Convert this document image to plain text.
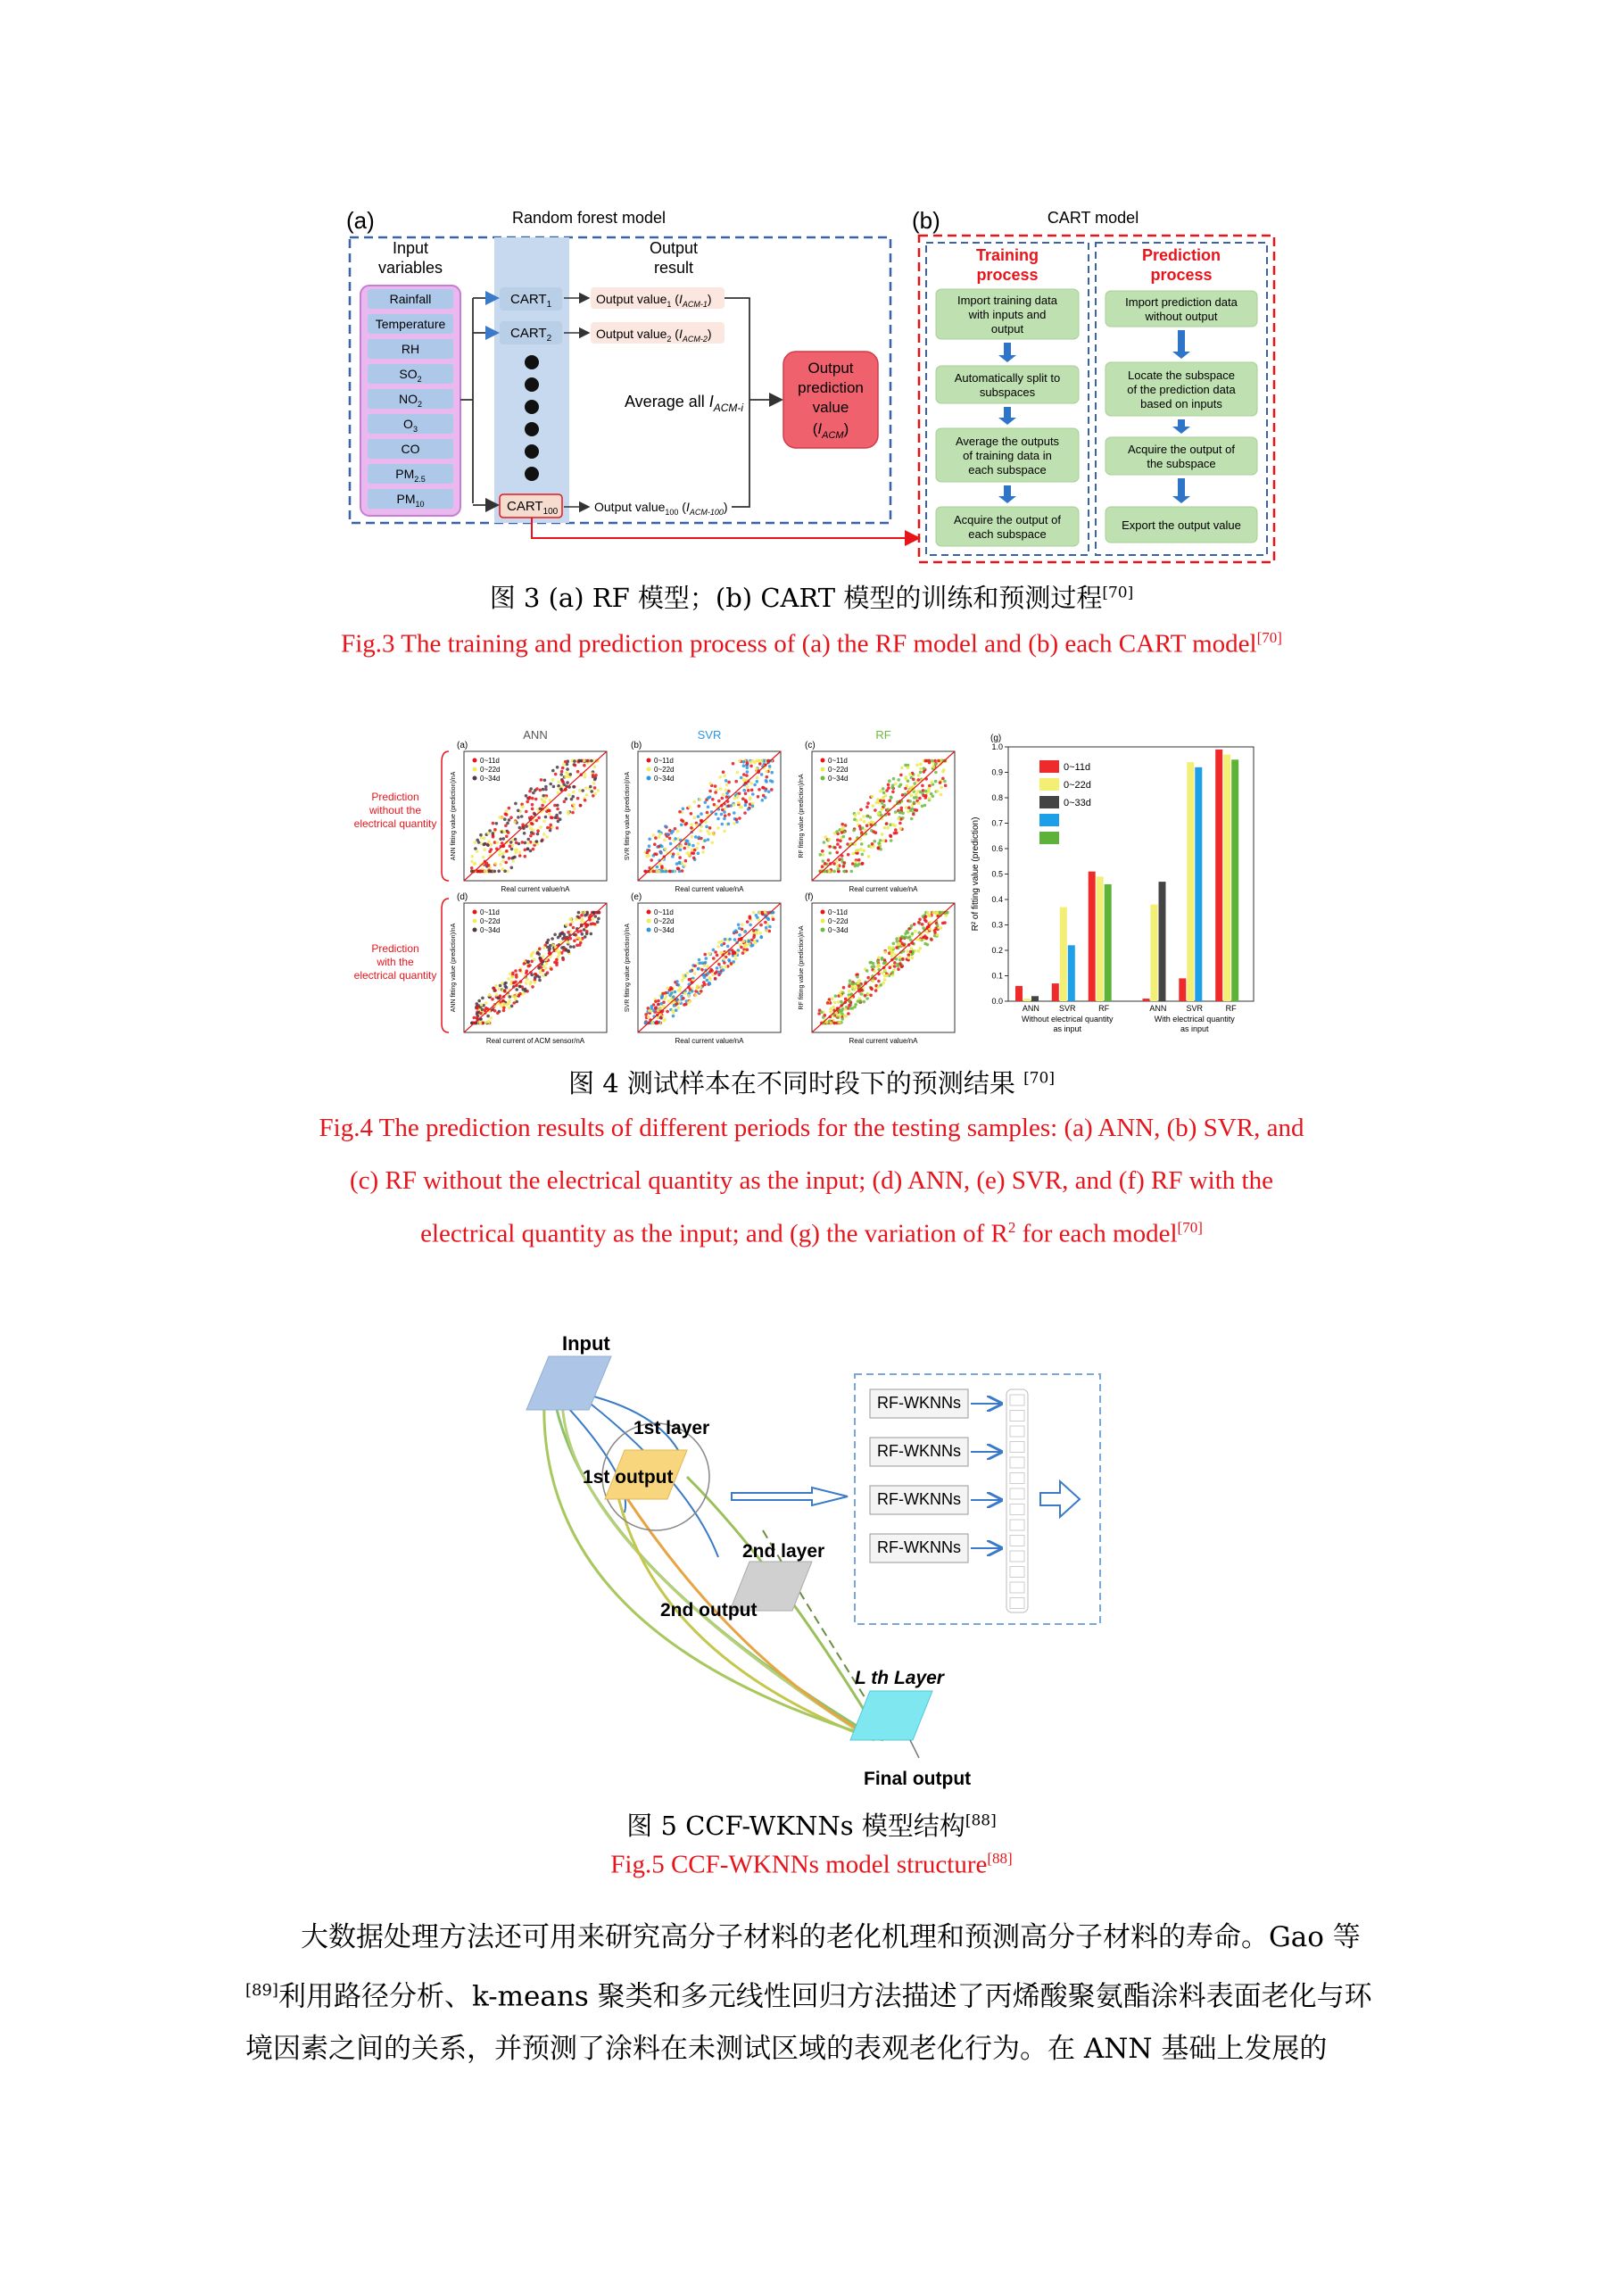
(a)	Random forest model
Input
variables
Output
result
Rainfall
Temperature
RH
$SO_2$
$NO_2$
$O_3$
CO
$PM_{2.5}$
$PM_{10}$
$CART_1$
$CART_2$
$CART_{100}$
Output value$_1$ $(I_{ACM-1})$
Output value$_2$ $(I_{ACM-2})$
Output value$_{100}$ $(I_{ACM-100})$
Average all $I_{ACM-i}$
Output
prediction
value
$(I_{ACM})$
(b)	CART model
Training
process
Prediction
process
Import training data
with inputs and
output
Automatically split to
subspaces
Average the outputs
of training data in
each subspace
Acquire the output of
each subspace
Import prediction data
without output
Locate the subspace
of the prediction data
based on inputs
Acquire the output of
the subspace
Export the output value
图 3 (a) RF 模型；(b) CART 模型的训练和预测过程[70]
Fig.3 The training and prediction process of (a) the RF model and (b) each CART model[70]
(a)
ANN
0~11d
0~22d
0~34d
Real current value/nA
ANN fitting value (prediction)/nA
(b)
SVR
0~11d
0~22d
0~34d
Real current value/nA
SVR fitting value (prediction)/nA
(c)
RF
0~11d
0~22d
0~34d
Real current value/nA
RF fitting value (prediction)/nA
(d)
0~11d
0~22d
0~34d
Real current of ACM sensor/nA
ANN fitting value (prediction)/nA
(e)
0~11d
0~22d
0~34d
Real current value/nA
SVR fitting value (prediction)/nA
(f)
0~11d
0~22d
0~34d
Real current value/nA
RF fitting value (prediction)/nA
Prediction
without the
electrical quantity
Prediction
with the
electrical quantity
(g)
0.0
0.1
0.2
0.3
0.4
0.5
0.6
0.7
0.8
0.9
1.0
R² of fitting value (prediction)
ANN SVR	RF	ANN SVR	RF
Without electrical quantity
as input
With electrical quantity
as input
0~11d
0~22d
0~33d
图 4 测试样本在不同时段下的预测结果 [70]
Fig.4 The prediction results of different periods for the testing samples: (a) ANN, (b) SVR, and
(c) RF without the electrical quantity as the input; (d) ANN, (e) SVR, and (f) RF with the
electrical quantity as the input; and (g) the variation of $R^2$ for each model[70]
Input
1st layer
1st output
2nd layer
2nd output
L th Layer
Final output
RF-WKNNs
RF-WKNNs
RF-WKNNs
RF-WKNNs
图 5 CCF-WKNNs 模型结构[88]
Fig.5 CCF-WKNNs model structure[88]
大数据处理方法还可用来研究高分子材料的老化机理和预测高分子材料的寿命。Gao 等
[89]利用路径分析、k-means 聚类和多元线性回归方法描述了丙烯酸聚氨酯涂料表面老化与环
境因素之间的关系，并预测了涂料在未测试区域的表观老化行为。在 ANN 基础上发展的
